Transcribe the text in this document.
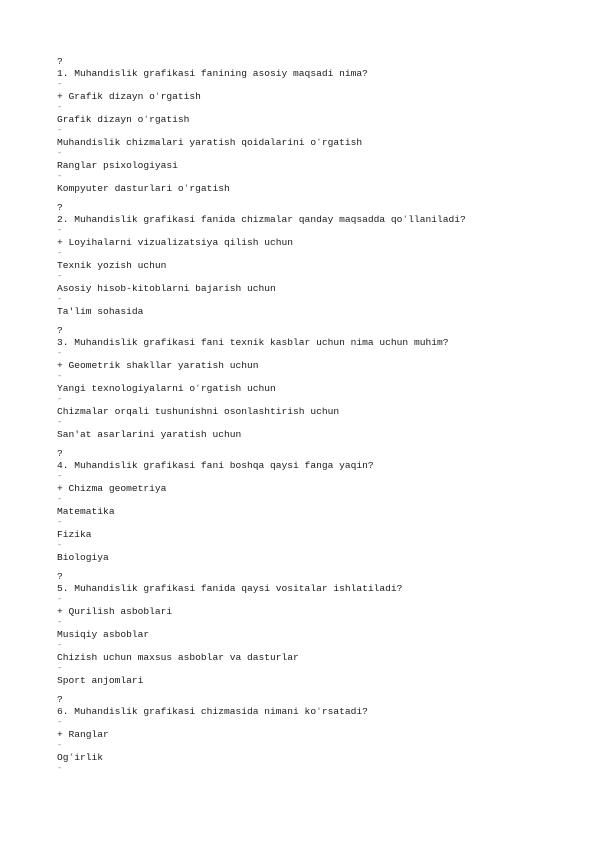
?
1. Muhandislik grafikasi fanining asosiy maqsadi nima?
-
+ Grafik dizayn oʻrgatish
-
Grafik dizayn oʻrgatish
-
Muhandislik chizmalari yaratish qoidalarini oʻrgatish
-
Ranglar psixologiyasi
-
Kompyuter dasturlari oʻrgatish
?
2. Muhandislik grafikasi fanida chizmalar qanday maqsadda qoʻllaniladi?
-
+ Loyihalarni vizualizatsiya qilish uchun
-
Texnik yozish uchun
-
Asosiy hisob-kitoblarni bajarish uchun
-
Ta'lim sohasida
?
3. Muhandislik grafikasi fani texnik kasblar uchun nima uchun muhim?
-
+ Geometrik shakllar yaratish uchun
-
Yangi texnologiyalarni oʻrgatish uchun
-
Chizmalar orqali tushunishni osonlashtirish uchun
-
San'at asarlarini yaratish uchun
?
4. Muhandislik grafikasi fani boshqa qaysi fanga yaqin?
-
+ Chizma geometriya
-
Matematika
-
Fizika
-
Biologiya
?
5. Muhandislik grafikasi fanida qaysi vositalar ishlatiladi?
-
+ Qurilish asboblari
-
Musiqiy asboblar
-
Chizish uchun maxsus asboblar va dasturlar
-
Sport anjomlari
?
6. Muhandislik grafikasi chizmasida nimani koʻrsatadi?
-
+ Ranglar
-
Ogʻirlik
-
